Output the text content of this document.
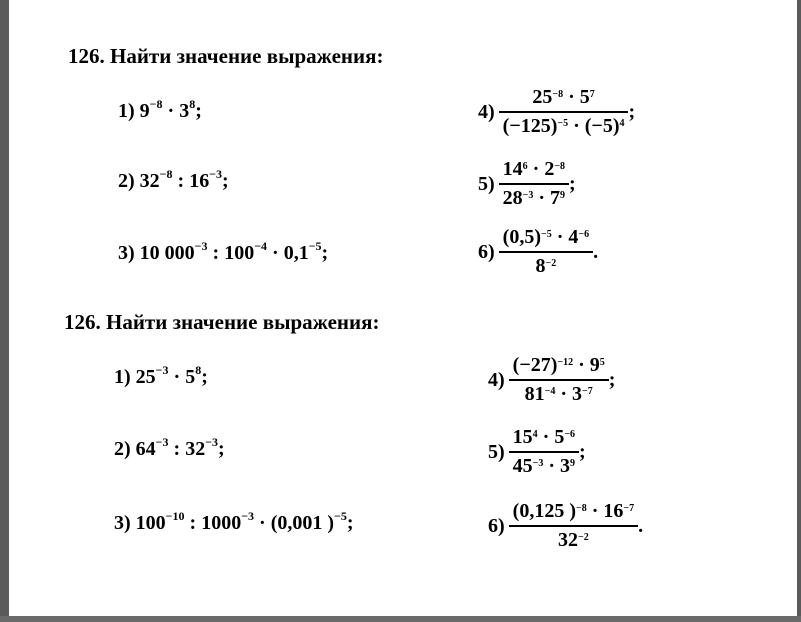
126. Найти значение выражения:
1) $9^{-8} \cdot 3^8$;
2) $32^{-8}$ : $16^{-3}$;
3) 10 $000^{-3}$ : $100^{-4} \cdot 0,1^{-5}$;
$4) \frac{25^{-8} \cdot 5^7}{(-125)^{-5} \cdot (-5)^4}$ ;
$5) \frac{14^6 \cdot 2^{-8}}{28^{-3} \cdot 7^9}$ ;
$6) \frac{(0,5)^{-5} \cdot 4^{-6}}{8^{-2}}$ .
126. Найти значение выражения:
1) $25^{-3} \cdot 5^8$;
2) $64^{-3}$ : $32^{-3}$;
3) $100^{-10}$ : $1000^{-3} \cdot (0,001$ )$^{-5}$;
$4) \frac{(-27)^{-12} \cdot 9^5}{81^{-4} \cdot 3^{-7}}$ ;
$5) \frac{15^4 \cdot 5^{-6}}{45^{-3} \cdot 3^9}$ ;
$6) \frac{(0,125 )^{-8} \cdot 16^{-7}}{32^{-2}}$ .
